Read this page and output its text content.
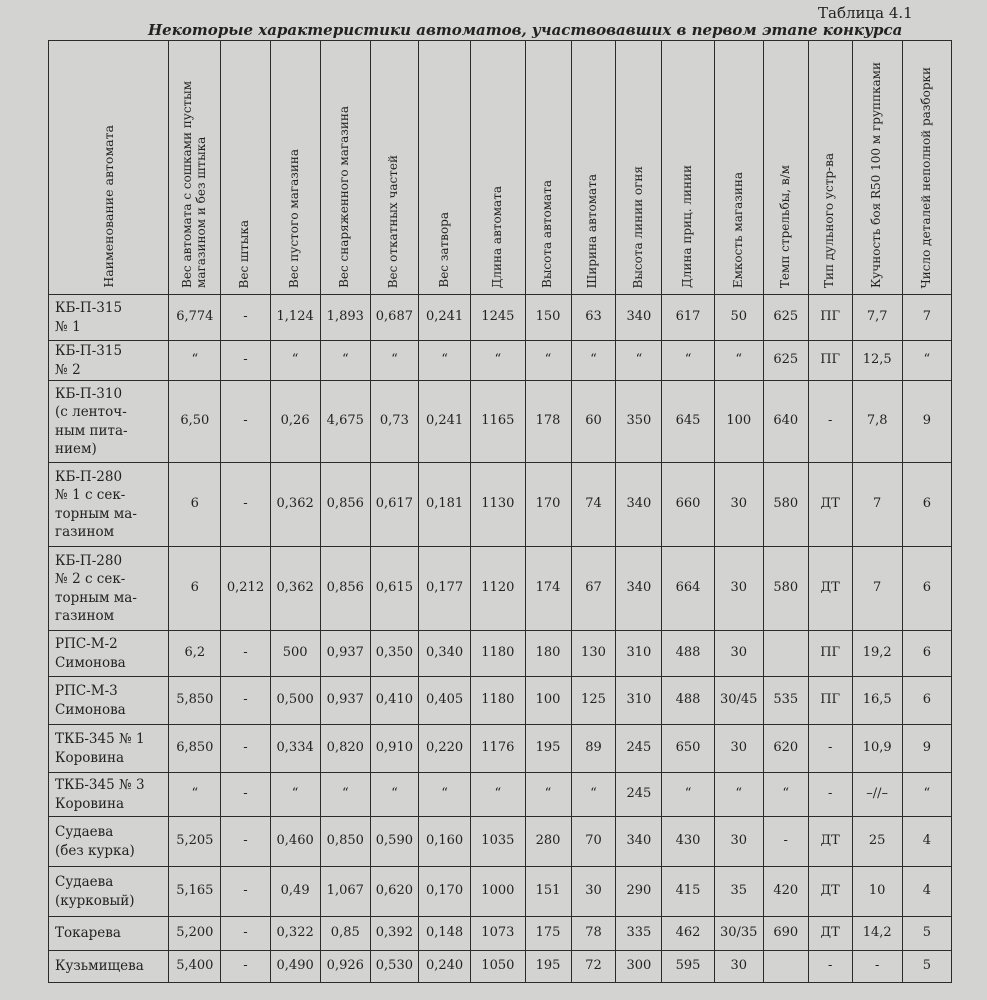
Таблица 4.1
Некоторые характеристики автоматов, участвовавших в первом этапе конкурса
Наименование автомата	Вес автомата с сошками пустым магазином и без штыка	Вес штыка	Вес пустого магазина	Вес снаряженного магазина	Вес откатных частей	Вес затвора	Длина автомата	Высота автомата	Ширина автомата	Высота линии огня	Длина приц. линии	Емкость магазина	Темп стрельбы, в/м	Тип дульного устр-ва	Кучность боя R50 100 м группками	Число деталей неполной разборки

КБ-П-315
№ 1	6,774	-	1,124	1,893	0,687	0,241	1245	150	63	340	617	50	625	ПГ	7,7	7

КБ-П-315
№ 2	“	-	“	“	“	“	“	“	“	“	“	“	625	ПГ	12,5	“

КБ-П-310
(с ленточ-
ным пита-
нием)	6,50	-	0,26	4,675	0,73	0,241	1165	178	60	350	645	100	640	-	7,8	9

КБ-П-280
№ 1 с сек-
торным ма-
газином	6	-	0,362	0,856	0,617	0,181	1130	170	74	340	660	30	580	ДТ	7	6

КБ-П-280
№ 2 с сек-
торным ма-
газином	6	0,212	0,362	0,856	0,615	0,177	1120	174	67	340	664	30	580	ДТ	7	6

РПС-М-2
Симонова	6,2	-	500	0,937	0,350	0,340	1180	180	130	310	488	30		ПГ	19,2	6

РПС-М-3
Симонова	5,850	-	0,500	0,937	0,410	0,405	1180	100	125	310	488	30/45	535	ПГ	16,5	6

ТКБ-345 № 1
Коровина	6,850	-	0,334	0,820	0,910	0,220	1176	195	89	245	650	30	620	-	10,9	9

ТКБ-345 № 3
Коровина	“	-	“	“	“	“	“	“	“	245	“	“	“	-	–//–	“

Судаева
(без курка)	5,205	-	0,460	0,850	0,590	0,160	1035	280	70	340	430	30	-	ДТ	25	4

Судаева
(курковый)	5,165	-	0,49	1,067	0,620	0,170	1000	151	30	290	415	35	420	ДТ	10	4

Токарева	5,200	-	0,322	0,85	0,392	0,148	1073	175	78	335	462	30/35	690	ДТ	14,2	5

Кузьмищева	5,400	-	0,490	0,926	0,530	0,240	1050	195	72	300	595	30		-	-	5
